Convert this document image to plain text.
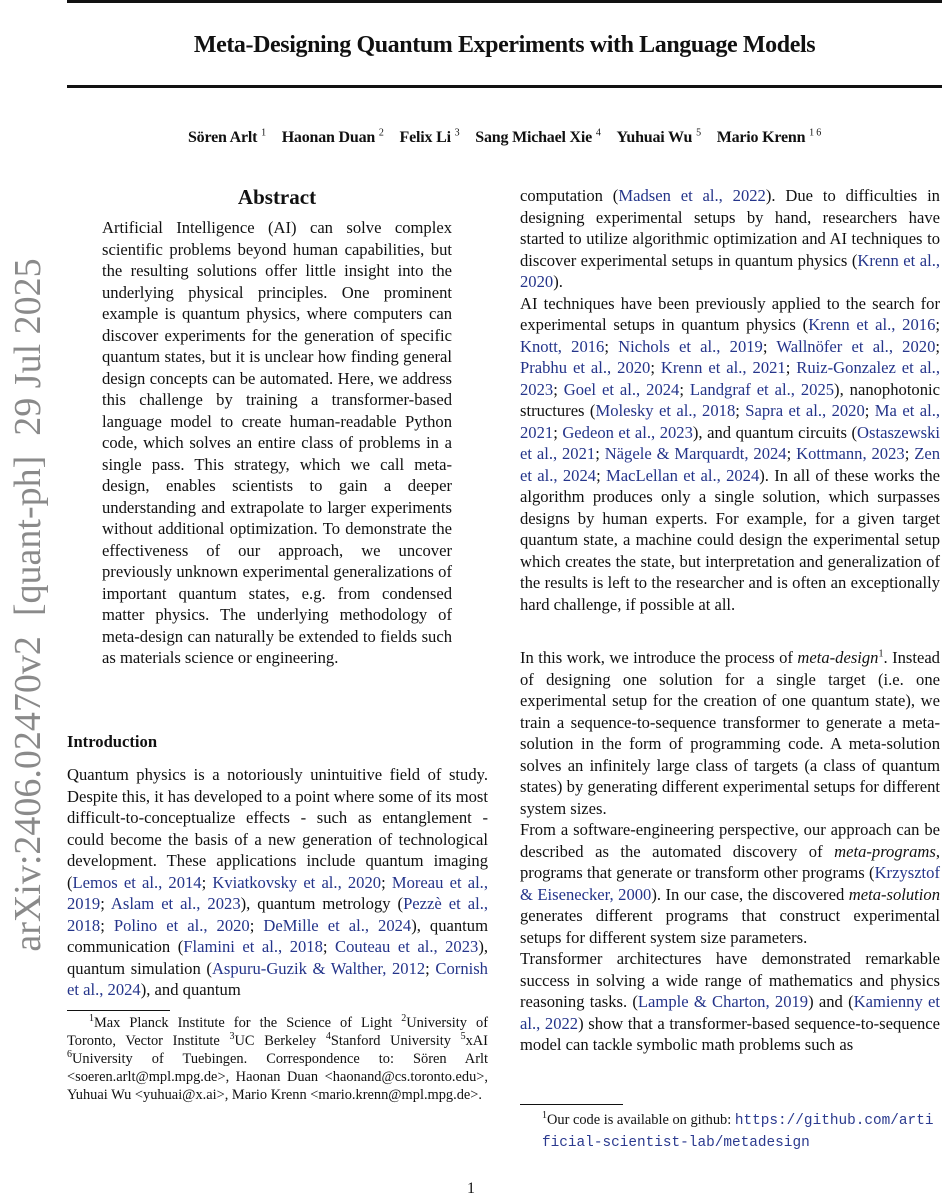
Meta-Designing Quantum Experiments with Language Models
Sören Arlt $^1$ Haonan Duan $^2$ Felix Li $^3$ Sang Michael Xie $^4$ Yuhuai Wu $^5$ Mario Krenn $^{1 6}$
arXiv:2406.02470v2[quant-ph]29 Jul 2025
Abstract
Artificial Intelligence (AI) can solve complex scientific problems beyond human capabilities, but the resulting solutions offer little insight into the underlying physical principles. One prominent example is quantum physics, where computers can discover experiments for the generation of specific quantum states, but it is unclear how finding general design concepts can be automated. Here, we address this challenge by training a transformer-based language model to create human-readable Python code, which solves an entire class of problems in a single pass. This strategy, which we call meta-design, enables scientists to gain a deeper understanding and extrapolate to larger experiments without additional optimization. To demonstrate the effectiveness of our approach, we uncover previously unknown experimental generalizations of important quantum states, e.g. from condensed matter physics. The underlying methodology of meta-design can naturally be extended to fields such as materials science or engineering.
Introduction
Quantum physics is a notoriously unintuitive field of study. Despite this, it has developed to a point where some of its most difficult-to-conceptualize effects - such as entanglement - could become the basis of a new generation of technological development. These applications include quantum imaging (Lemos et al., 2014; Kviatkovsky et al., 2020; Moreau et al., 2019; Aslam et al., 2023), quantum metrology (Pezzè et al., 2018; Polino et al., 2020; DeMille et al., 2024), quantum communication (Flamini et al., 2018; Couteau et al., 2023), quantum simulation (Aspuru-Guzik & Walther, 2012; Cornish et al., 2024), and quantum

$^1$Max Planck Institute for the Science of Light $^2$University of Toronto, Vector Institute $^3$UC Berkeley $^4$Stanford University $^5$xAI $^6$University of Tuebingen. Correspondence to: Sören Arlt <soeren.arlt@mpl.mpg.de>, Haonan Duan <haonand@cs.toronto.edu>, Yuhuai Wu <yuhuai@x.ai>, Mario Krenn <mario.krenn@mpl.mpg.de>.

computation (Madsen et al., 2022). Due to difficulties in designing experimental setups by hand, researchers have started to utilize algorithmic optimization and AI techniques to discover experimental setups in quantum physics (Krenn et al., 2020).

AI techniques have been previously applied to the search for experimental setups in quantum physics (Krenn et al., 2016; Knott, 2016; Nichols et al., 2019; Wallnöfer et al., 2020; Prabhu et al., 2020; Krenn et al., 2021; Ruiz-Gonzalez et al., 2023; Goel et al., 2024; Landgraf et al., 2025), nanophotonic structures (Molesky et al., 2018; Sapra et al., 2020; Ma et al., 2021; Gedeon et al., 2023), and quantum circuits (Ostaszewski et al., 2021; Nägele & Marquardt, 2024; Kottmann, 2023; Zen et al., 2024; MacLellan et al., 2024). In all of these works the algorithm produces only a single solution, which surpasses designs by human experts. For example, for a given target quantum state, a machine could design the experimental setup which creates the state, but interpretation and generalization of the results is left to the researcher and is often an exceptionally hard challenge, if possible at all.

In this work, we introduce the process of meta-design$^1$. Instead of designing one solution for a single target (i.e. one experimental setup for the creation of one quantum state), we train a sequence-to-sequence transformer to generate a meta-solution in the form of programming code. A meta-solution solves an infinitely large class of targets (a class of quantum states) by generating different experimental setups for different system sizes.

From a software-engineering perspective, our approach can be described as the automated discovery of meta-programs, programs that generate or transform other programs (Krzysztof & Eisenecker, 2000). In our case, the discovered meta-solution generates different programs that construct experimental setups for different system size parameters.

Transformer architectures have demonstrated remarkable success in solving a wide range of mathematics and physics reasoning tasks. (Lample & Charton, 2019) and (Kamienny et al., 2022) show that a transformer-based sequence-to-sequence model can tackle symbolic math problems such as

$^1$Our code is available on github: https://github.com/artificial-scientist-lab/metadesign
1
